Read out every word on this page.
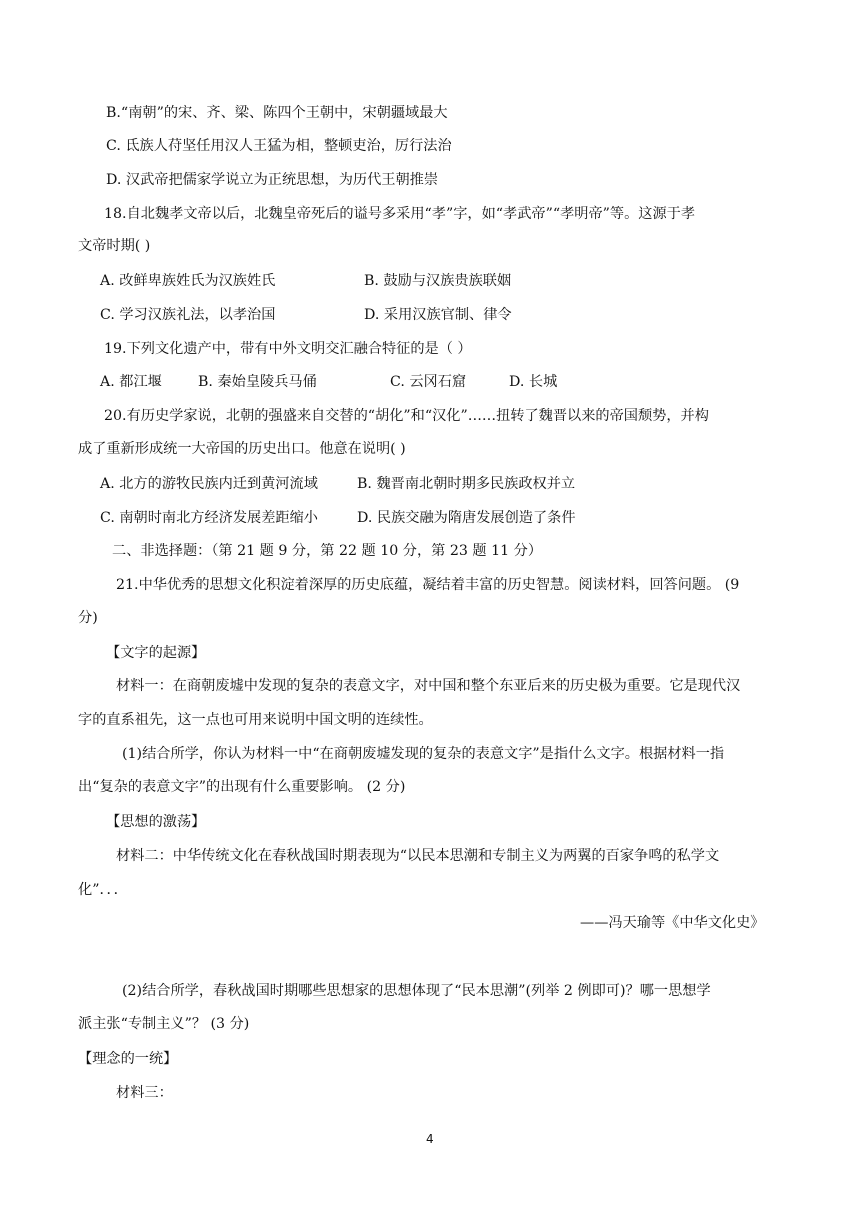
B.“南朝”的宋、齐、梁、陈四个王朝中，宋朝疆域最大
C. 氐族人苻坚任用汉人王猛为相，整顿吏治，厉行法治
D. 汉武帝把儒家学说立为正统思想，为历代王朝推崇
18.自北魏孝文帝以后，北魏皇帝死后的谥号多采用“孝”字，如“孝武帝”“孝明帝”等。这源于孝
文帝时期( )
A. 改鲜卑族姓氏为汉族姓氏	B. 鼓励与汉族贵族联姻
C. 学习汉族礼法，以孝治国	D. 采用汉族官制、律令
19.下列文化遗产中，带有中外文明交汇融合特征的是（ ）
A. 都江堰	B. 秦始皇陵兵马俑	C. 云冈石窟	D. 长城
20.有历史学家说，北朝的强盛来自交替的“胡化”和“汉化”……扭转了魏晋以来的帝国颓势，并构
成了重新形成统一大帝国的历史出口。他意在说明( )
A. 北方的游牧民族内迁到黄河流域	B. 魏晋南北朝时期多民族政权并立
C. 南朝时南北方经济发展差距缩小	D. 民族交融为隋唐发展创造了条件
二、非选择题：（第 21 题 9 分，第 22 题 10 分，第 23 题 11 分）
21.中华优秀的思想文化积淀着深厚的历史底蕴，凝结着丰富的历史智慧。阅读材料，回答问题。 (9
分)
【文字的起源】
材料一：在商朝废墟中发现的复杂的表意文字，对中国和整个东亚后来的历史极为重要。它是现代汉
字的直系祖先，这一点也可用来说明中国文明的连续性。
(1)结合所学，你认为材料一中“在商朝废墟发现的复杂的表意文字”是指什么文字。根据材料一指
出“复杂的表意文字”的出现有什么重要影响。 (2 分)
【思想的激荡】
材料二：中华传统文化在春秋战国时期表现为“以民本思潮和专制主义为两翼的百家争鸣的私学文
化”．．．
——冯天瑜等《中华文化史》
(2)结合所学，春秋战国时期哪些思想家的思想体现了“民本思潮”(列举 2 例即可)？哪一思想学
派主张“专制主义”？ (3 分)
【理念的一统】
材料三：
4
